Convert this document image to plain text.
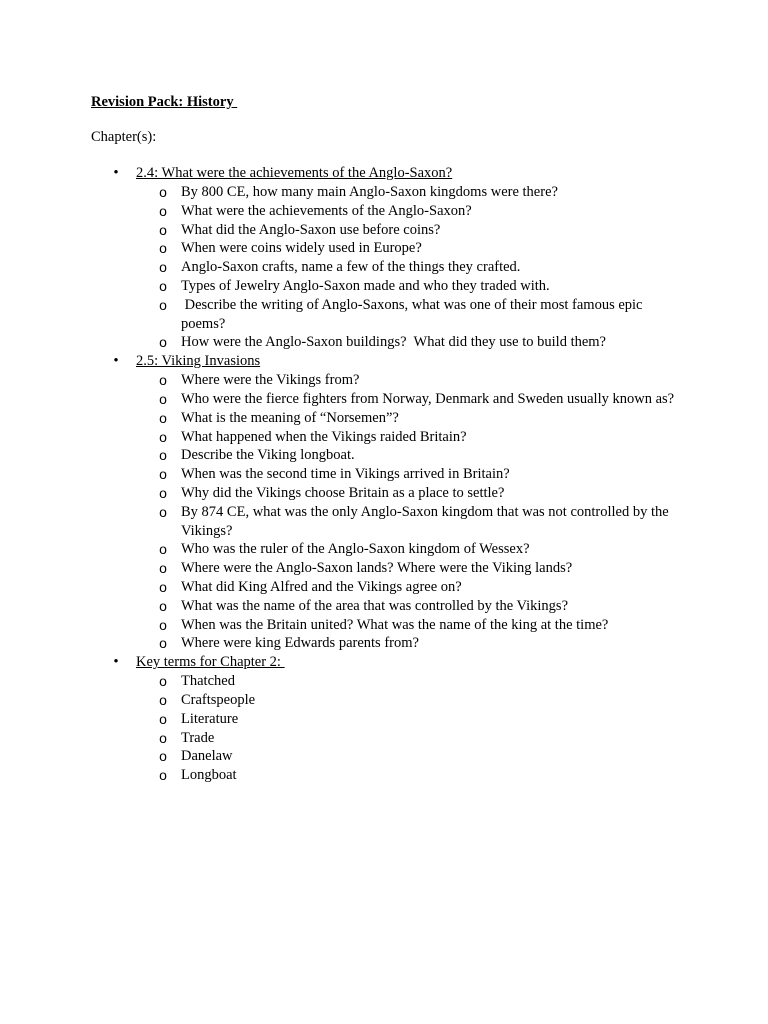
Revision Pack: History
Chapter(s):
• 2.4: What were the achievements of the Anglo-Saxon?
o By 800 CE, how many main Anglo-Saxon kingdoms were there?
o What were the achievements of the Anglo-Saxon?
o What did the Anglo-Saxon use before coins?
o When were coins widely used in Europe?
o Anglo-Saxon crafts, name a few of the things they crafted.
o Types of Jewelry Anglo-Saxon made and who they traded with.
o Describe the writing of Anglo-Saxons, what was one of their most famous epic poems?
o How were the Anglo-Saxon buildings?  What did they use to build them?
• 2.5: Viking Invasions
o Where were the Vikings from?
o Who were the fierce fighters from Norway, Denmark and Sweden usually known as?
o What is the meaning of “Norsemen”?
o What happened when the Vikings raided Britain?
o Describe the Viking longboat.
o When was the second time in Vikings arrived in Britain?
o Why did the Vikings choose Britain as a place to settle?
o By 874 CE, what was the only Anglo-Saxon kingdom that was not controlled by the Vikings?
o Who was the ruler of the Anglo-Saxon kingdom of Wessex?
o Where were the Anglo-Saxon lands? Where were the Viking lands?
o What did King Alfred and the Vikings agree on?
o What was the name of the area that was controlled by the Vikings?
o When was the Britain united? What was the name of the king at the time?
o Where were king Edwards parents from?
• Key terms for Chapter 2:
o Thatched
o Craftspeople
o Literature
o Trade
o Danelaw
o Longboat
